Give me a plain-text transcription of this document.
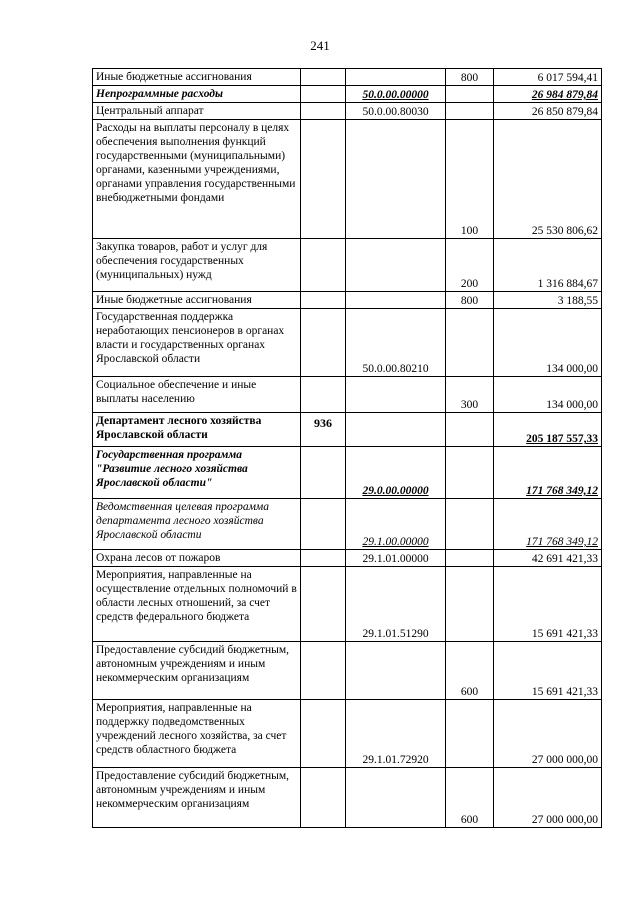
241
Иные бюджетные ассигнования			800	6 017 594,41
Непрограммные расходы		50.0.00.00000		26 984 879,84
Центральный аппарат		50.0.00.80030		26 850 879,84
Расходы на выплаты персоналу в целях обеспечения выполнения функций государственными (муниципальными) органами, казенными учреждениями, органами управления государственными внебюджетными фондами			100	25 530 806,62
Закупка товаров, работ и услуг для обеспечения государственных (муниципальных) нужд			200	1 316 884,67
Иные бюджетные ассигнования			800	3 188,55
Государственная поддержка неработающих пенсионеров в органах власти и государственных органах Ярославской области		50.0.00.80210		134 000,00
Социальное обеспечение и иные выплаты населению			300	134 000,00
Департамент лесного хозяйства Ярославской области	936			205 187 557,33
Государственная программа "Развитие лесного хозяйства Ярославской области"		29.0.00.00000		171 768 349,12
Ведомственная целевая программа департамента лесного хозяйства Ярославской области		29.1.00.00000		171 768 349,12
Охрана лесов от пожаров		29.1.01.00000		42 691 421,33
Мероприятия, направленные на осуществление отдельных полномочий в области лесных отношений, за счет средств федерального бюджета		29.1.01.51290		15 691 421,33
Предоставление субсидий бюджетным, автономным учреждениям и иным некоммерческим организациям			600	15 691 421,33
Мероприятия, направленные на поддержку подведомственных учреждений лесного хозяйства, за счет средств областного бюджета		29.1.01.72920		27 000 000,00
Предоставление субсидий бюджетным, автономным учреждениям и иным некоммерческим организациям			600	27 000 000,00
